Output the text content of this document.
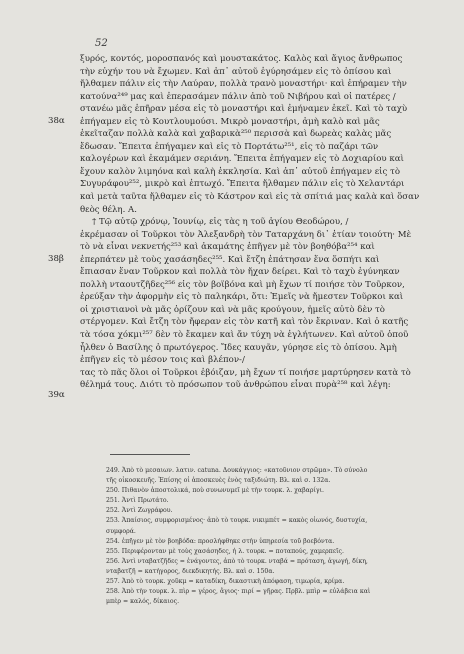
52
38α
38β
39α
ξυρός, κοντός, μοροσπανός καὶ μουστακάτος. Καλὸς καὶ ἅγιος ἄνθρωπος
τὴν εὐχήν του νὰ ἔχωμεν. Καὶ ἀπ᾿ αὐτοῦ ἐγύρησάμεν εἰς τὸ ὀπίσου καὶ
ἤλθαμεν πάλιν εἰς τὴν Λαύραν, πολλὰ τρανὸ μοναστήρι· καὶ ἐπήραμεν τὴν
κατούνα²⁴⁹ μας καὶ ἐπερασάμεν πάλιν ἀπὸ τοῦ Νιβήρου καὶ οἱ πατέρες /
στανέω μᾶς ἐπῆραν μέσα εἰς τὸ μοναστήρι καὶ ἐμήναμεν ἐκεῖ. Καὶ τὸ ταχὺ
ἐπήγαμεν εἰς τὸ Κουτλουμούσι. Μικρὸ μοναστήρι, ἀμὴ καλὸ καὶ μᾶς
ἐκεῖταζαν πολλὰ καλὰ καὶ χαβαρικὰ²⁵⁰ περισσὰ καὶ δωρεὰς καλὰς μᾶς
ἔδωσαν. Ἔπειτα ἐπήγαμεν καὶ εἰς τὸ Πορτάτω²⁵¹, εἰς τὸ παζάρι τῶν
καλογέρων καὶ ἐκαμάμεν σεριάνη. Ἔπειτα ἐπήγαμεν εἰς τὸ Δοχιαρίου καὶ
ἔχουν καλὸν λιμηόνα καὶ καλὴ ἐκκλησία. Καὶ ἀπ᾿ αὐτοῦ ἐπήγαμεν εἰς τὸ
Συγυράφου²⁵², μικρὸ καὶ ἐπτωχό. Ἔπειτα ἤλθαμεν πάλιν εἰς τὸ Χελαντάρι
καὶ μετὰ ταῦτα ἤλθαμεν εἰς τὸ Κάστρον καὶ εἰς τὰ σπίτιά μας καλὰ καὶ ὅσαν
θεὸς θέλη. Α.
† Τῷ αὐτῷ χρόνῳ, Ἰουνίῳ, εἰς τὰς η τοῦ ἁγίου Θεοδώρου, /
ἐκρέμασαν οἱ Τοῦρκοι τὸν Ἀλεξανδρὴ τὸν Ταταρχάνη δι᾿ ἐτίαν τοιούτη· Μὲ
τὸ νὰ εἶναι νεκνετής²⁵³ καὶ ἀκαμάτης ἐπῆγεν μὲ τὸν βοηθόβα²⁵⁴ καὶ
ἐπερπάτεν μὲ τοὺς χασάσηδες²⁵⁵. Καὶ ἔτζη ἐπάτησαν ἕνα ὅσπήτι καὶ
ἔπιασαν ἕναν Τοῦρκον καὶ πολλὰ τὸν ἤχαν δείρει. Καὶ τὸ ταχὺ ἐγύνηκαν
πολλὴ νταουτζῆδες²⁵⁶ εἰς τὸν βοϊβόνα καὶ μὴ ἔχων τί ποιήσε τὸν Τοῦρκον,
ἐρεύξαν τὴν ἀφορμὴν εἰς τὸ παληκάρι, ὅτι: Ἐμεῖς νὰ ἤμεστεν Τοῦρκοι καὶ
οἱ χριστιανοὶ νὰ μᾶς ὀρίζουν καὶ νὰ μᾶς κρούγουν, ἡμεῖς αὐτὸ δὲν τὸ
στέργομεν. Καὶ ἔτζη τὸν ἤφεραν εἰς τὸν κατῆ καὶ τὸν ἔκριναν. Καὶ ὁ κατῆς
τὰ τόσα χόκμι²⁵⁷ δὲν τὸ ἔκαμεν καὶ ἄν τύχη νὰ ἐγλήτωνεν. Καὶ αὐτοῦ ὁποῦ
ἦλθεν ὁ Βασίλης ὁ πρωτόγερος. Ἴδες καυγᾶν, γύρησε εἰς τὸ ὀπίσου. Ἀμὴ
ἐπῆγεν εἰς τὸ μέσον τοις καὶ βλέπον-/
τας τὸ πᾶς ὅλοι οἱ Τοῦρκοι ἐβόιζαν, μὴ ἔχων τί ποιήσε μαρτύρησεν κατὰ τὸ
θέλημά τους. Διότι τὸ πρόσωπον τοῦ ἀνθρώπου εἶναι πυρὰ²⁵⁸ καὶ λέγη:
249. Ἀπὸ τὸ μεσαιων. λατιν. catuna. Δουκάγγιος: «κατοῦνιον στρῶμα». Τὸ σύνολο
τῆς οἰκοσκευῆς. Ἐπίσης οἱ ἀποσκευὲς ἑνὸς ταξιδιώτη. Βλ. καὶ σ. 132α.
250. Πιθανὸν ἀποστολικά, ποὺ συνωνυμεῖ μὲ τὴν τουρκ. λ. χαβαρίγι.
251. Ἀντὶ Πρωτάτο.
252. Ἀντὶ Ζωγράφου.
253. Ἀπαίσιος, συμφορισμένος· ἀπὸ τὸ τουρκ. νικιμπέτ = κακὸς οἰωνός, δυστυχία,
συμφορά.
254. ἐπῆγεν μὲ τὸν βοηβόδα: προσλήφθηκε στὴν ὑπηρεσία τοῦ βοεβόντα.
255. Περιφέρονταν μὲ τοὺς χασάσηδες, ἡ λ. τουρκ. = ποταπούς, χαμερπεῖς.
256. Ἀντὶ νταβατζῆδες = ἐνάγοντες, ἀπὸ τὸ τουρκ. νταβά = πρόταση, ἀγωγή, δίκη,
νταβατζῆ = κατήγορος, διεκδικητής. Βλ. καὶ σ. 150α.
257. Ἀπὸ τὸ τουρκ. χοῦκμ = καταδίκη, δικαστικὴ ἀπόφαση, τιμωρία, κρίμα.
258. Ἀπὸ τὴν τουρκ. λ. πὶρ = γέρος, ἅγιος· πιρί = γῆρας. Πρβλ. μπὶρ = εὐλάβεια καὶ
μπὲρ = καλός, δίκαιος.
